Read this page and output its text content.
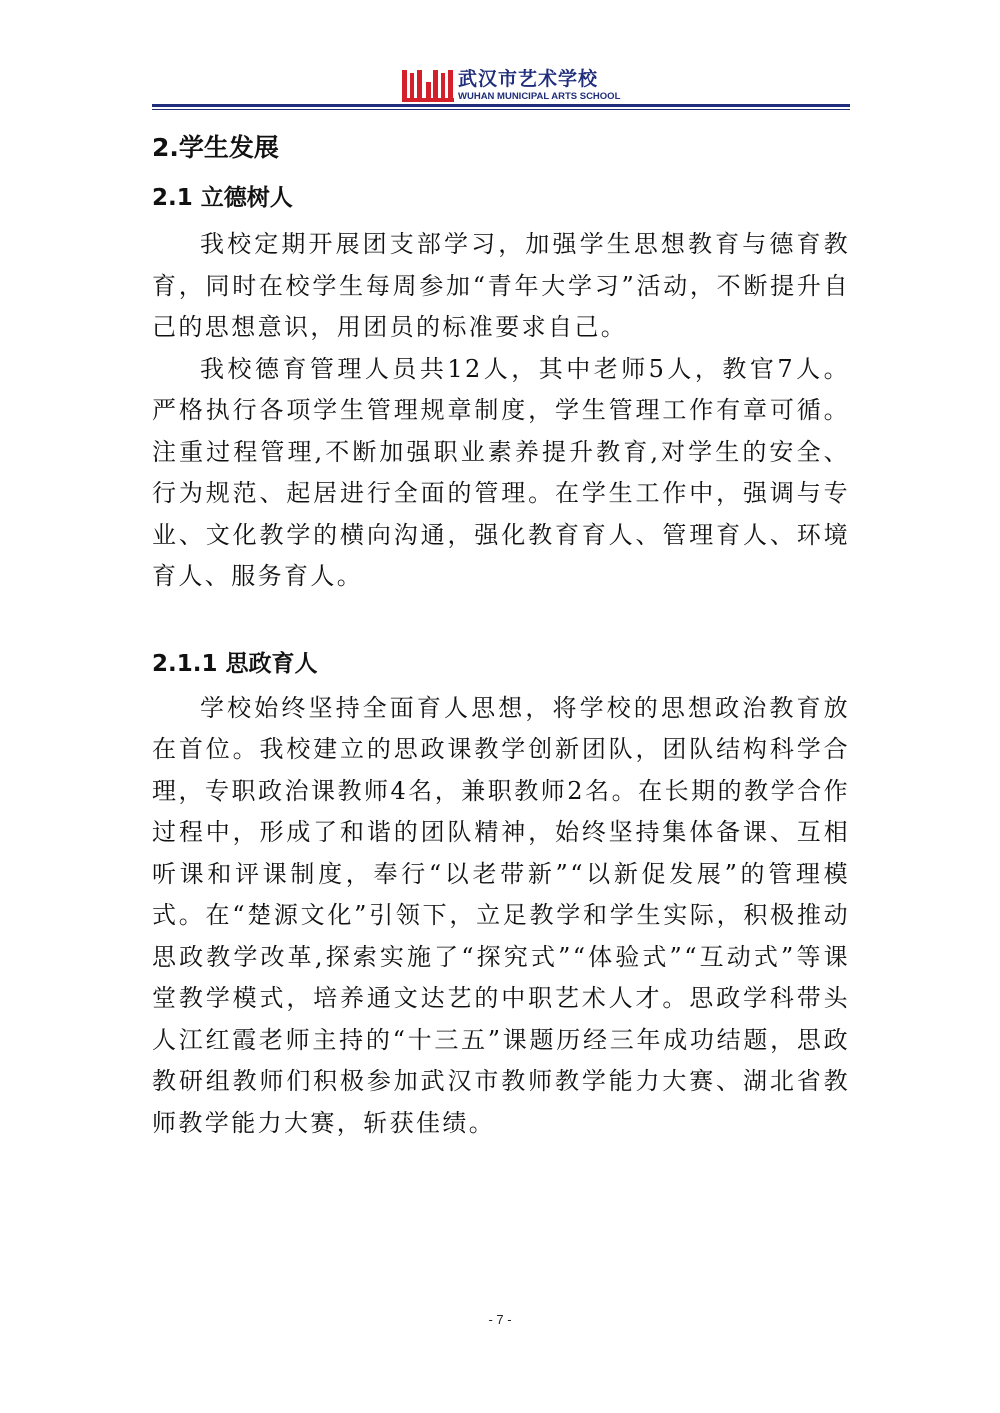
武汉市艺术学校
WUHAN MUNICIPAL ARTS SCHOOL
2.学生发展
2.1 立德树人

我校定期开展团支部学习，加强学生思想教育与德育教育，同时在校学生每周参加“青年大学习”活动，不断提升自己的思想意识，用团员的标准要求自己。

我校德育管理人员共12人，其中老师5人，教官7人。严格执行各项学生管理规章制度，学生管理工作有章可循。注重过程管理,不断加强职业素养提升教育,对学生的安全、行为规范、起居进行全面的管理。在学生工作中，强调与专业、文化教学的横向沟通，强化教育育人、管理育人、环境育人、服务育人。

2.1.1 思政育人

学校始终坚持全面育人思想，将学校的思想政治教育放在首位。我校建立的思政课教学创新团队，团队结构科学合理，专职政治课教师4名，兼职教师2名。在长期的教学合作过程中，形成了和谐的团队精神，始终坚持集体备课、互相听课和评课制度，奉行“以老带新”“以新促发展”的管理模式。在“楚源文化”引领下，立足教学和学生实际，积极推动思政教学改革,探索实施了“探究式”“体验式”“互动式”等课堂教学模式，培养通文达艺的中职艺术人才。思政学科带头人江红霞老师主持的“十三五”课题历经三年成功结题，思政教研组教师们积极参加武汉市教师教学能力大赛、湖北省教师教学能力大赛，斩获佳绩。

- 7 -
